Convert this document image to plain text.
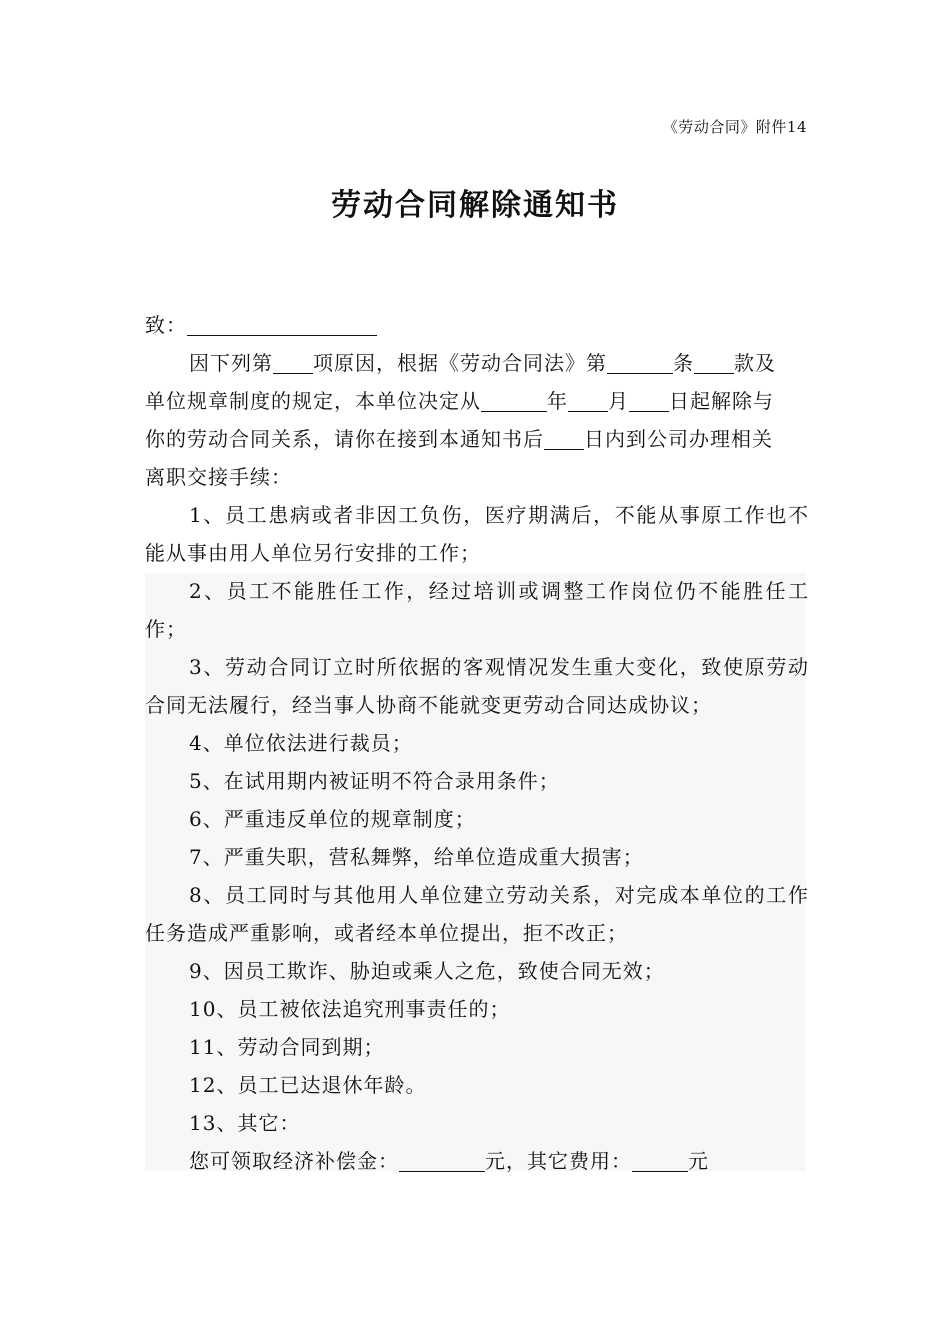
《劳动合同》附件14
劳动合同解除通知书
致：
因下列第 项原因，根据《劳动合同法》第	条 款及
单位规章制度的规定，本单位决定从	年 月 日起解除与
你的劳动合同关系，请你在接到本通知书后 日内到公司办理相关
离职交接手续：
1、员工患病或者非因工负伤，医疗期满后，不能从事原工作也不能从事由用人单位另行安排的工作；
2、员工不能胜任工作，经过培训或调整工作岗位仍不能胜任工作；
3、劳动合同订立时所依据的客观情况发生重大变化，致使原劳动合同无法履行，经当事人协商不能就变更劳动合同达成协议；
4、单位依法进行裁员；
5、在试用期内被证明不符合录用条件；
6、严重违反单位的规章制度；
7、严重失职，营私舞弊，给单位造成重大损害；
8、员工同时与其他用人单位建立劳动关系，对完成本单位的工作任务造成严重影响，或者经本单位提出，拒不改正；
9、因员工欺诈、胁迫或乘人之危，致使合同无效；
10、员工被依法追究刑事责任的；
11、劳动合同到期；
12、员工已达退休年龄。
13、其它：
您可领取经济补偿金：	元，其它费用：	元
